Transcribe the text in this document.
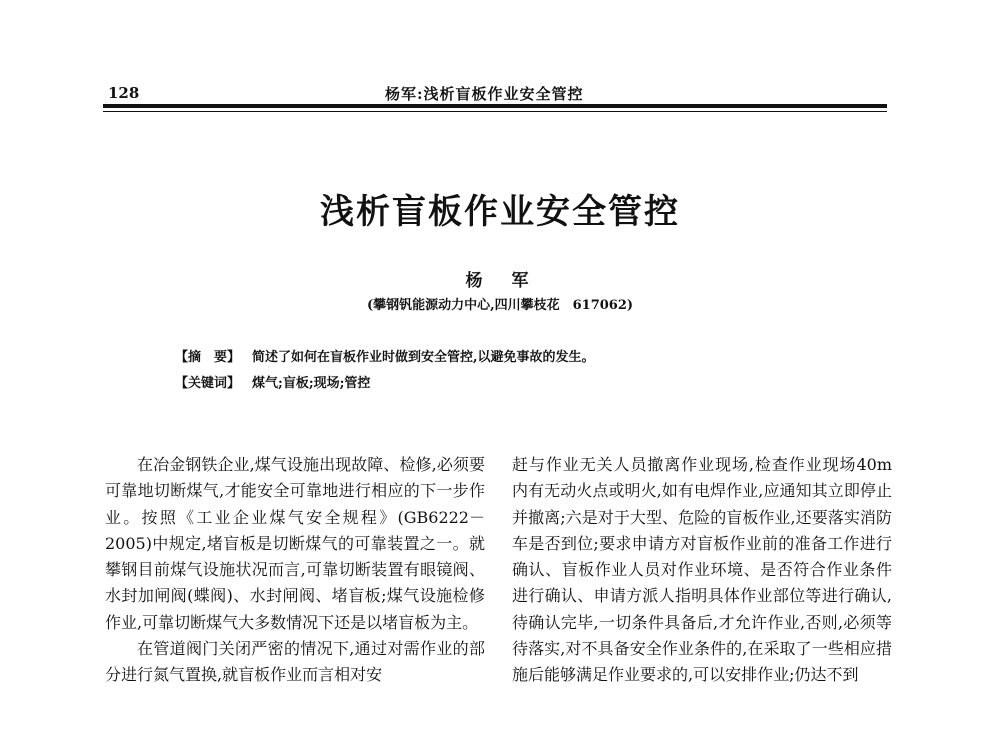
128	杨军:浅析盲板作业安全管控
浅析盲板作业安全管控
杨　军
(攀钢钒能源动力中心,四川攀枝花　617062)
【摘　要】 简述了如何在盲板作业时做到安全管控,以避免事故的发生。
【关键词】 煤气;盲板;现场;管控

在冶金钢铁企业,煤气设施出现故障、检修,必须要可靠地切断煤气,才能安全可靠地进行相应的下一步作业。按照《工业企业煤气安全规程》(GB6222－2005)中规定,堵盲板是切断煤气的可靠装置之一。就攀钢目前煤气设施状况而言,可靠切断装置有眼镜阀、水封加闸阀(蝶阀)、水封闸阀、堵盲板;煤气设施检修作业,可靠切断煤气大多数情况下还是以堵盲板为主。

在管道阀门关闭严密的情况下,通过对需作业的部分进行氮气置换,就盲板作业而言相对安

赶与作业无关人员撤离作业现场,检查作业现场40m 内有无动火点或明火,如有电焊作业,应通知其立即停止并撤离;六是对于大型、危险的盲板作业,还要落实消防车是否到位;要求申请方对盲板作业前的准备工作进行确认、盲板作业人员对作业环境、是否符合作业条件进行确认、申请方派人指明具体作业部位等进行确认,待确认完毕,一切条件具备后,才允许作业,否则,必须等待落实,对不具备安全作业条件的,在采取了一些相应措施后能够满足作业要求的,可以安排作业;仍达不到
